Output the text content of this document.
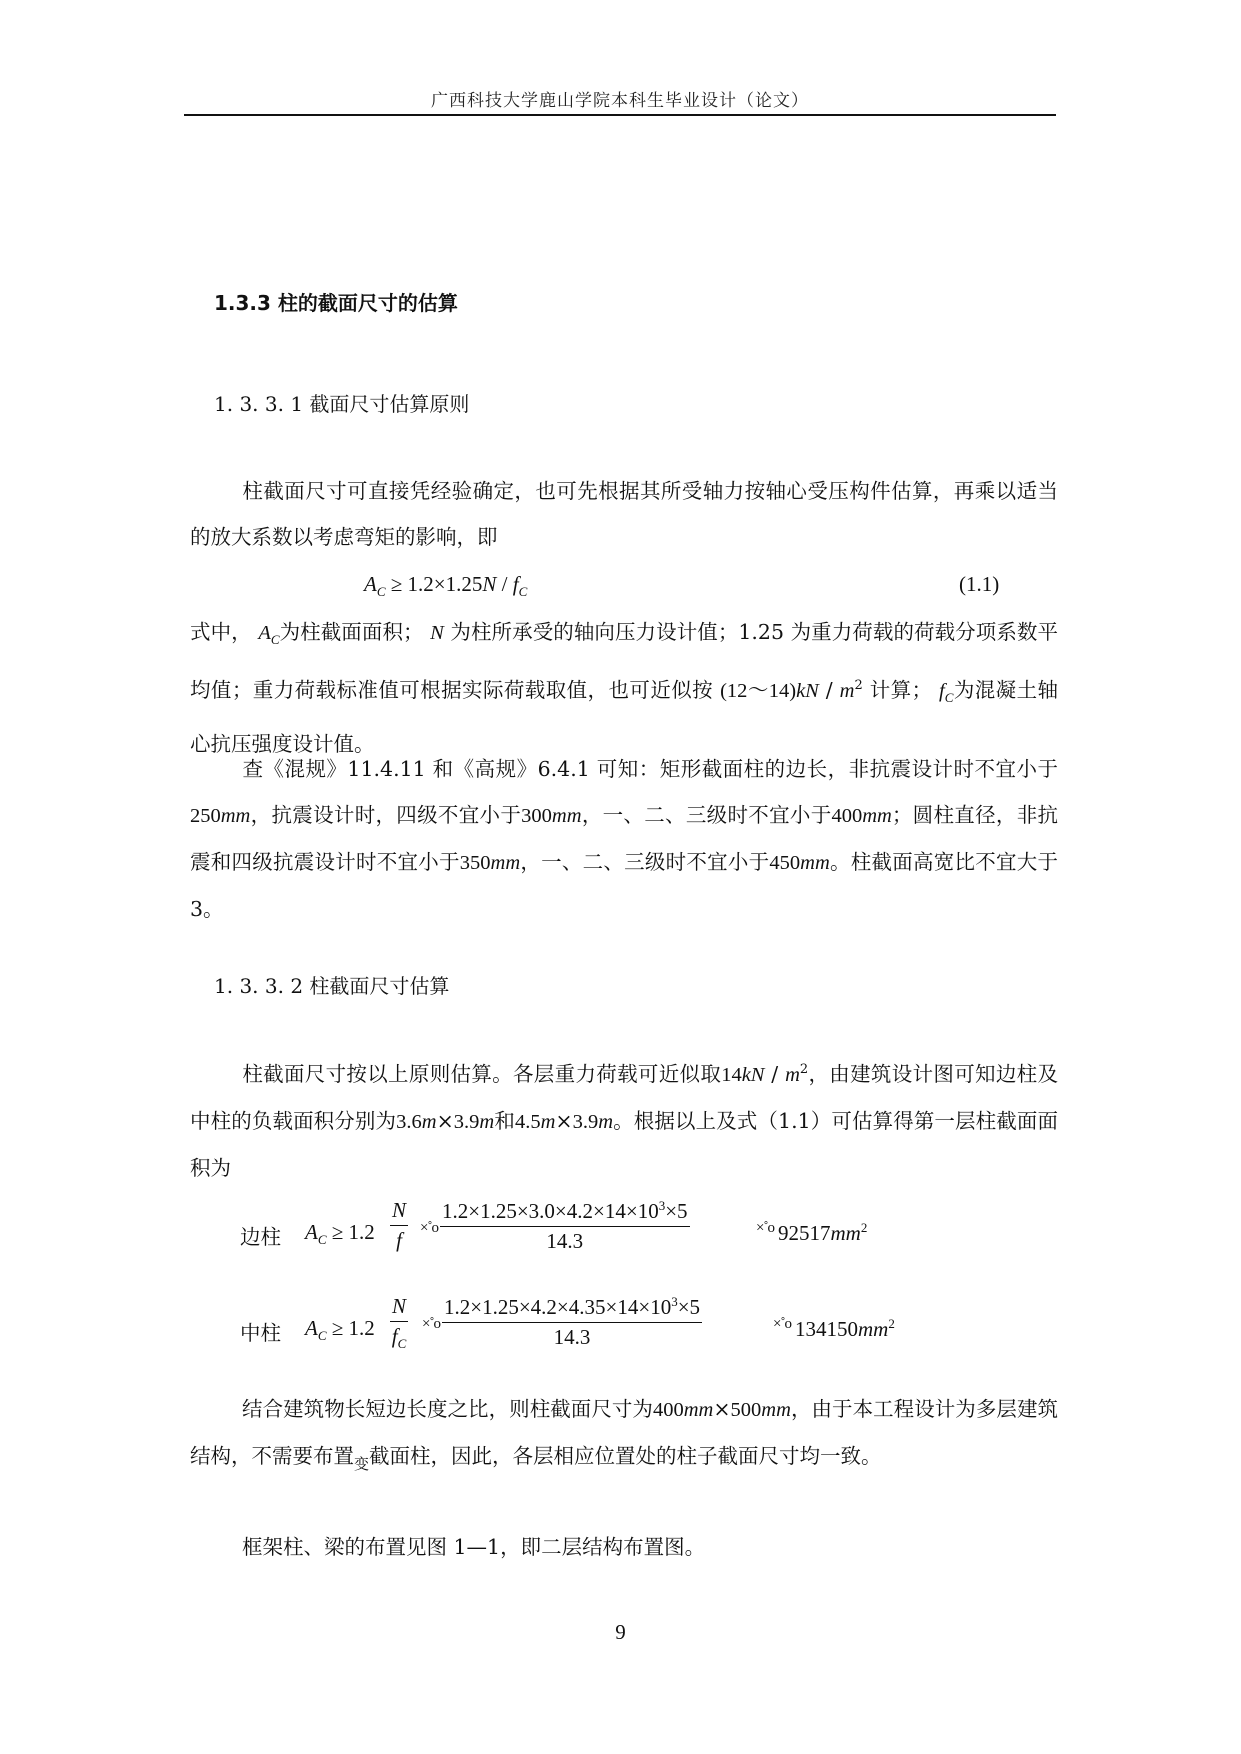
广西科技大学鹿山学院本科生毕业设计（论文）
1.3.3 柱的截面尺寸的估算
1. 3. 3. 1 截面尺寸估算原则
柱截面尺寸可直接凭经验确定，也可先根据其所受轴力按轴心受压构件估算，再乘以适当的放大系数以考虑弯矩的影响，即
$A_C \ge 1.2\times 1.25N / f_C$	(1.1)
式中， $A_C$为柱截面面积； N 为柱所承受的轴向压力设计值；1.25 为重力荷载的荷载分项系数平均值；重力荷载标准值可根据实际荷载取值，也可近似按 (12～14)kN / $m^2$ 计算； $f_C$为混凝土轴心抗压强度设计值。
查《混规》11.4.11 和《高规》6.4.1 可知：矩形截面柱的边长，非抗震设计时不宜小于250mm，抗震设计时，四级不宜小于300mm，一、二、三级时不宜小于400mm；圆柱直径，非抗震和四级抗震设计时不宜小于350mm，一、二、三级时不宜小于450mm。柱截面高宽比不宜大于 3。
1. 3. 3. 2 柱截面尺寸估算
柱截面尺寸按以上原则估算。各层重力荷载可近似取$14kN / m^2$，由建筑设计图可知边柱及中柱的负载面积分别为3.6m×3.9m和4.5m×3.9m。根据以上及式（1.1）可估算得第一层柱截面面积为
边柱 $A_C \ge 1.2$
N
f	×˚o
$1.2\times 1.25\times 3.0\times 4.2\times 14\times 10^3\times 5$
14.3
×˚o $92517mm^2$
中柱 $A_C \ge 1.2$
N
$f_C$
×˚o
$1.2\times 1.25\times 4.2\times 4.35\times 14\times 10^3\times 5$
14.3
×˚o $134150mm^2$
结合建筑物长短边长度之比，则柱截面尺寸为400mm×500mm，由于本工程设计为多层建筑结构，不需要布置$_变$截面柱，因此，各层相应位置处的柱子截面尺寸均一致。
框架柱、梁的布置见图 1—1，即二层结构布置图。
9
